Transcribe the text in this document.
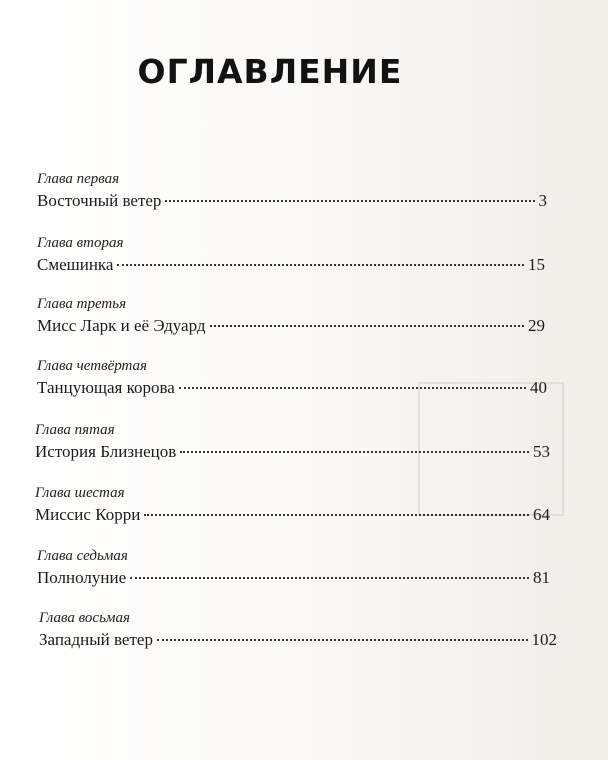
ОГЛАВЛЕНИЕ
Глава первая
Восточный ветер	3
Глава вторая
Смешинка	15
Глава третья
Мисс Ларк и её Эдуард	29
Глава четвёртая
Танцующая корова	40
Глава пятая
История Близнецов	53
Глава шестая
Миссис Корри	64
Глава седьмая
Полнолуние	81
Глава восьмая
Западный ветер	102
